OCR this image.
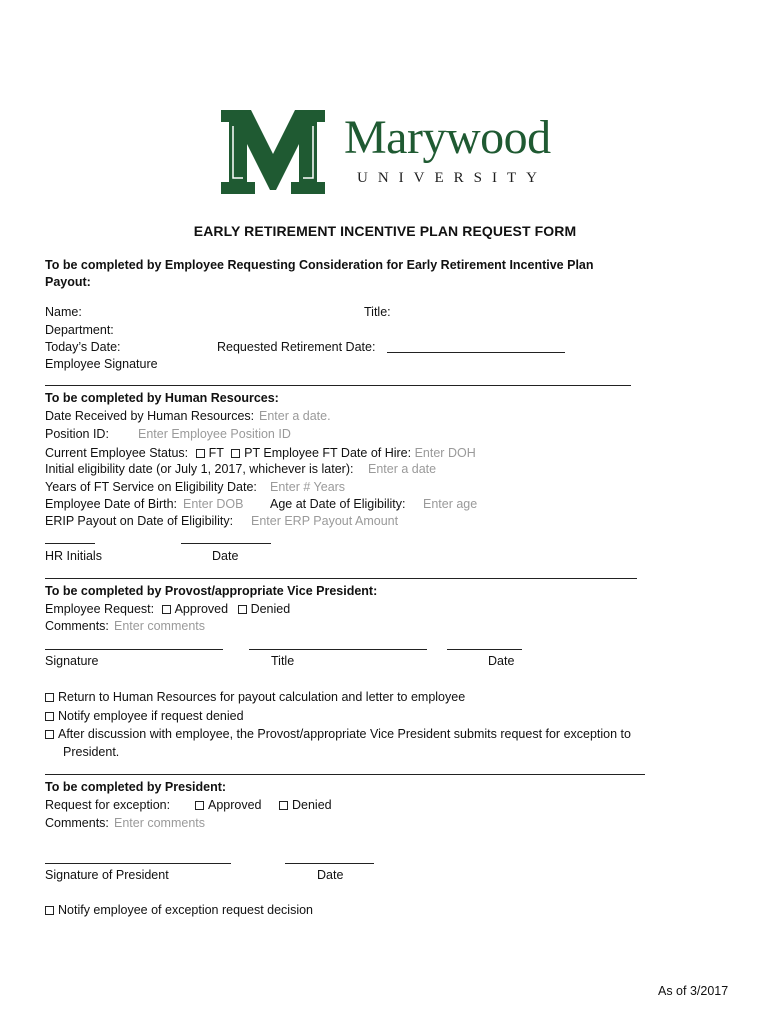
Marywood
UNIVERSITY
EARLY RETIREMENT INCENTIVE PLAN REQUEST FORM
To be completed by Employee Requesting Consideration for Early Retirement Incentive Plan
Payout:
Name:	Title:
Department:
Today’s Date:	Requested Retirement Date:
Employee Signature
To be completed by Human Resources:
Date Received by Human Resources: Enter a date.
Position ID: Enter Employee Position ID
Current Employee Status: FT PT Employee FT Date of Hire: Enter DOH
Initial eligibility date (or July 1, 2017, whichever is later): Enter a date
Years of FT Service on Eligibility Date: Enter # Years
Employee Date of Birth: Enter DOB Age at Date of Eligibility: Enter age
ERIP Payout on Date of Eligibility: Enter ERP Payout Amount
HR Initials	Date
To be completed by Provost/appropriate Vice President:
Employee Request: Approved Denied
Comments: Enter comments
Signature	Title	Date
Return to Human Resources for payout calculation and letter to employee
Notify employee if request denied
After discussion with employee, the Provost/appropriate Vice President submits request for exception to
President.
To be completed by President:
Request for exception:	Approved	Denied
Comments: Enter comments
Signature of President	Date
Notify employee of exception request decision
As of 3/2017
